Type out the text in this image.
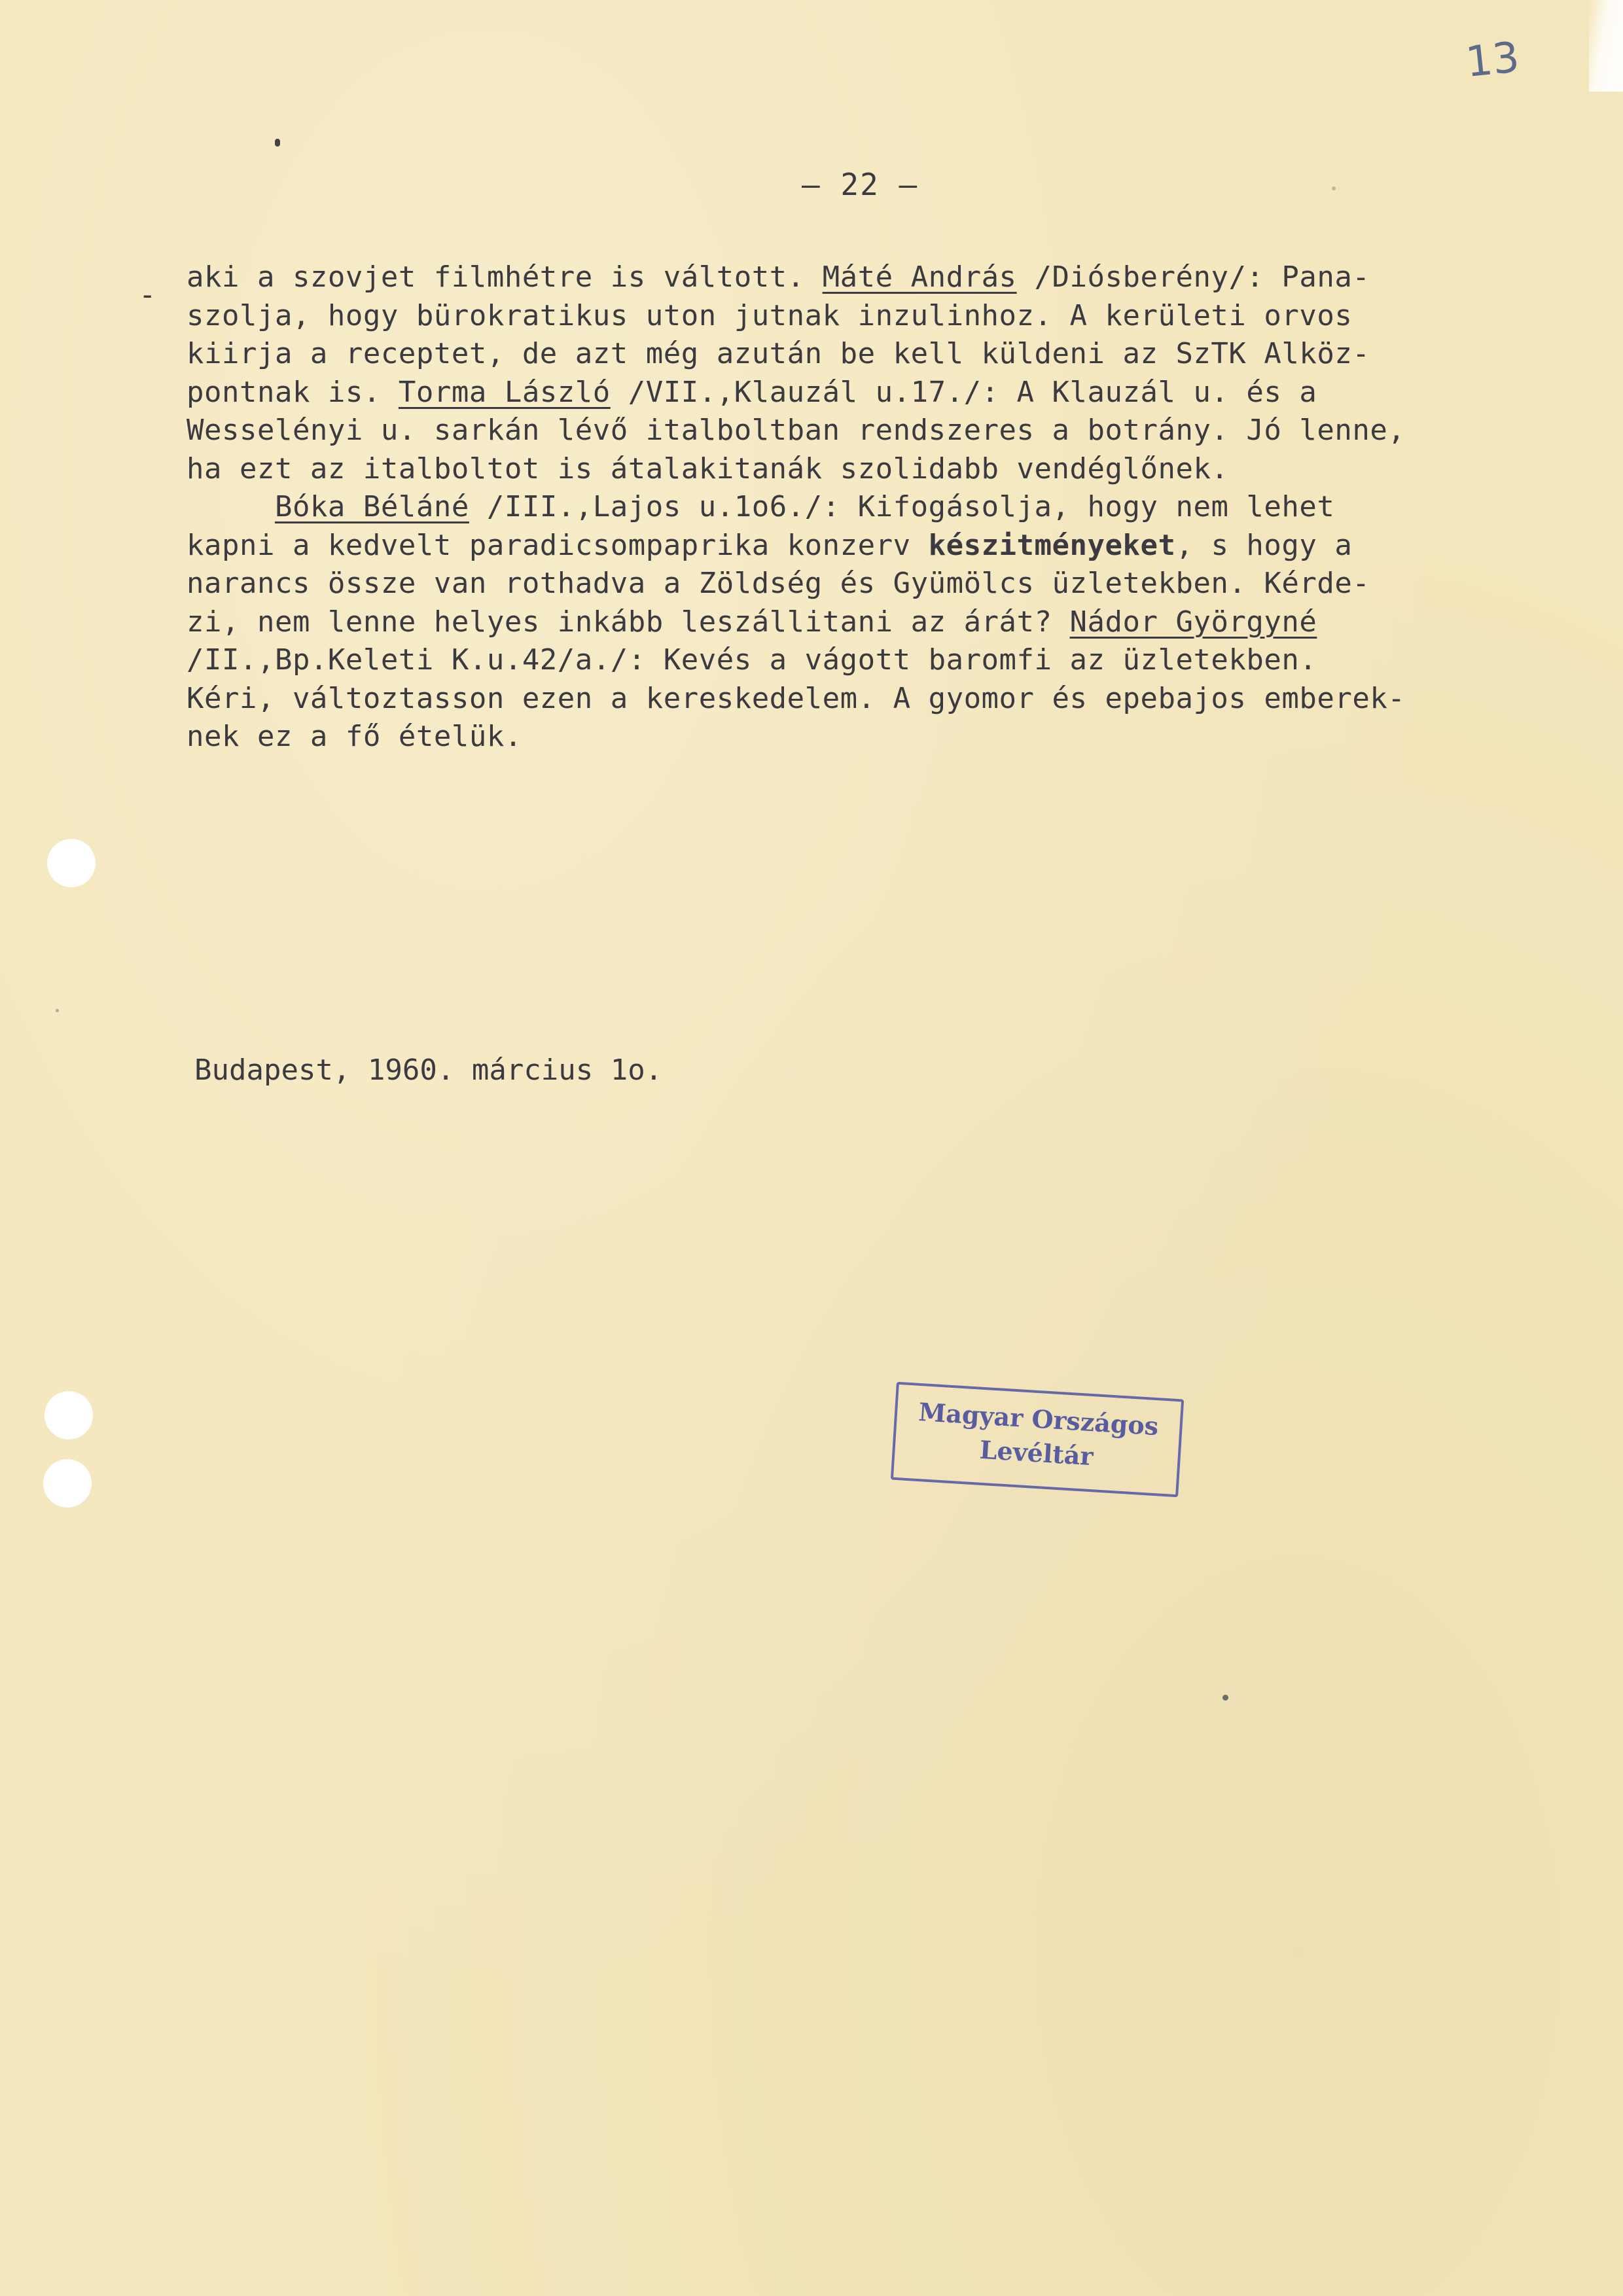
13
– 22 –
-
aki a szovjet filmhétre is váltott. Máté András /Diósberény/: Pana-
szolja, hogy bürokratikus uton jutnak inzulinhoz. A kerületi orvos
kiirja a receptet, de azt még azután be kell küldeni az SzTK Alköz-
pontnak is. Torma László /VII.,Klauzál u.17./: A Klauzál u. és a
Wesselényi u. sarkán lévő italboltban rendszeres a botrány. Jó lenne,
ha ezt az italboltot is átalakitanák szolidabb vendéglőnek.
Bóka Béláné /III.,Lajos u.1o6./: Kifogásolja, hogy nem lehet
kapni a kedvelt paradicsompaprika konzerv készitményeket, s hogy a
narancs össze van rothadva a Zöldség és Gyümölcs üzletekben. Kérde-
zi, nem lenne helyes inkább leszállitani az árát? Nádor Györgyné
/II.,Bp.Keleti K.u.42/a./: Kevés a vágott baromfi az üzletekben.
Kéri, változtasson ezen a kereskedelem. A gyomor és epebajos emberek-
nek ez a fő ételük.
Budapest, 1960. március 1o.
Magyar Országos
Levéltár
